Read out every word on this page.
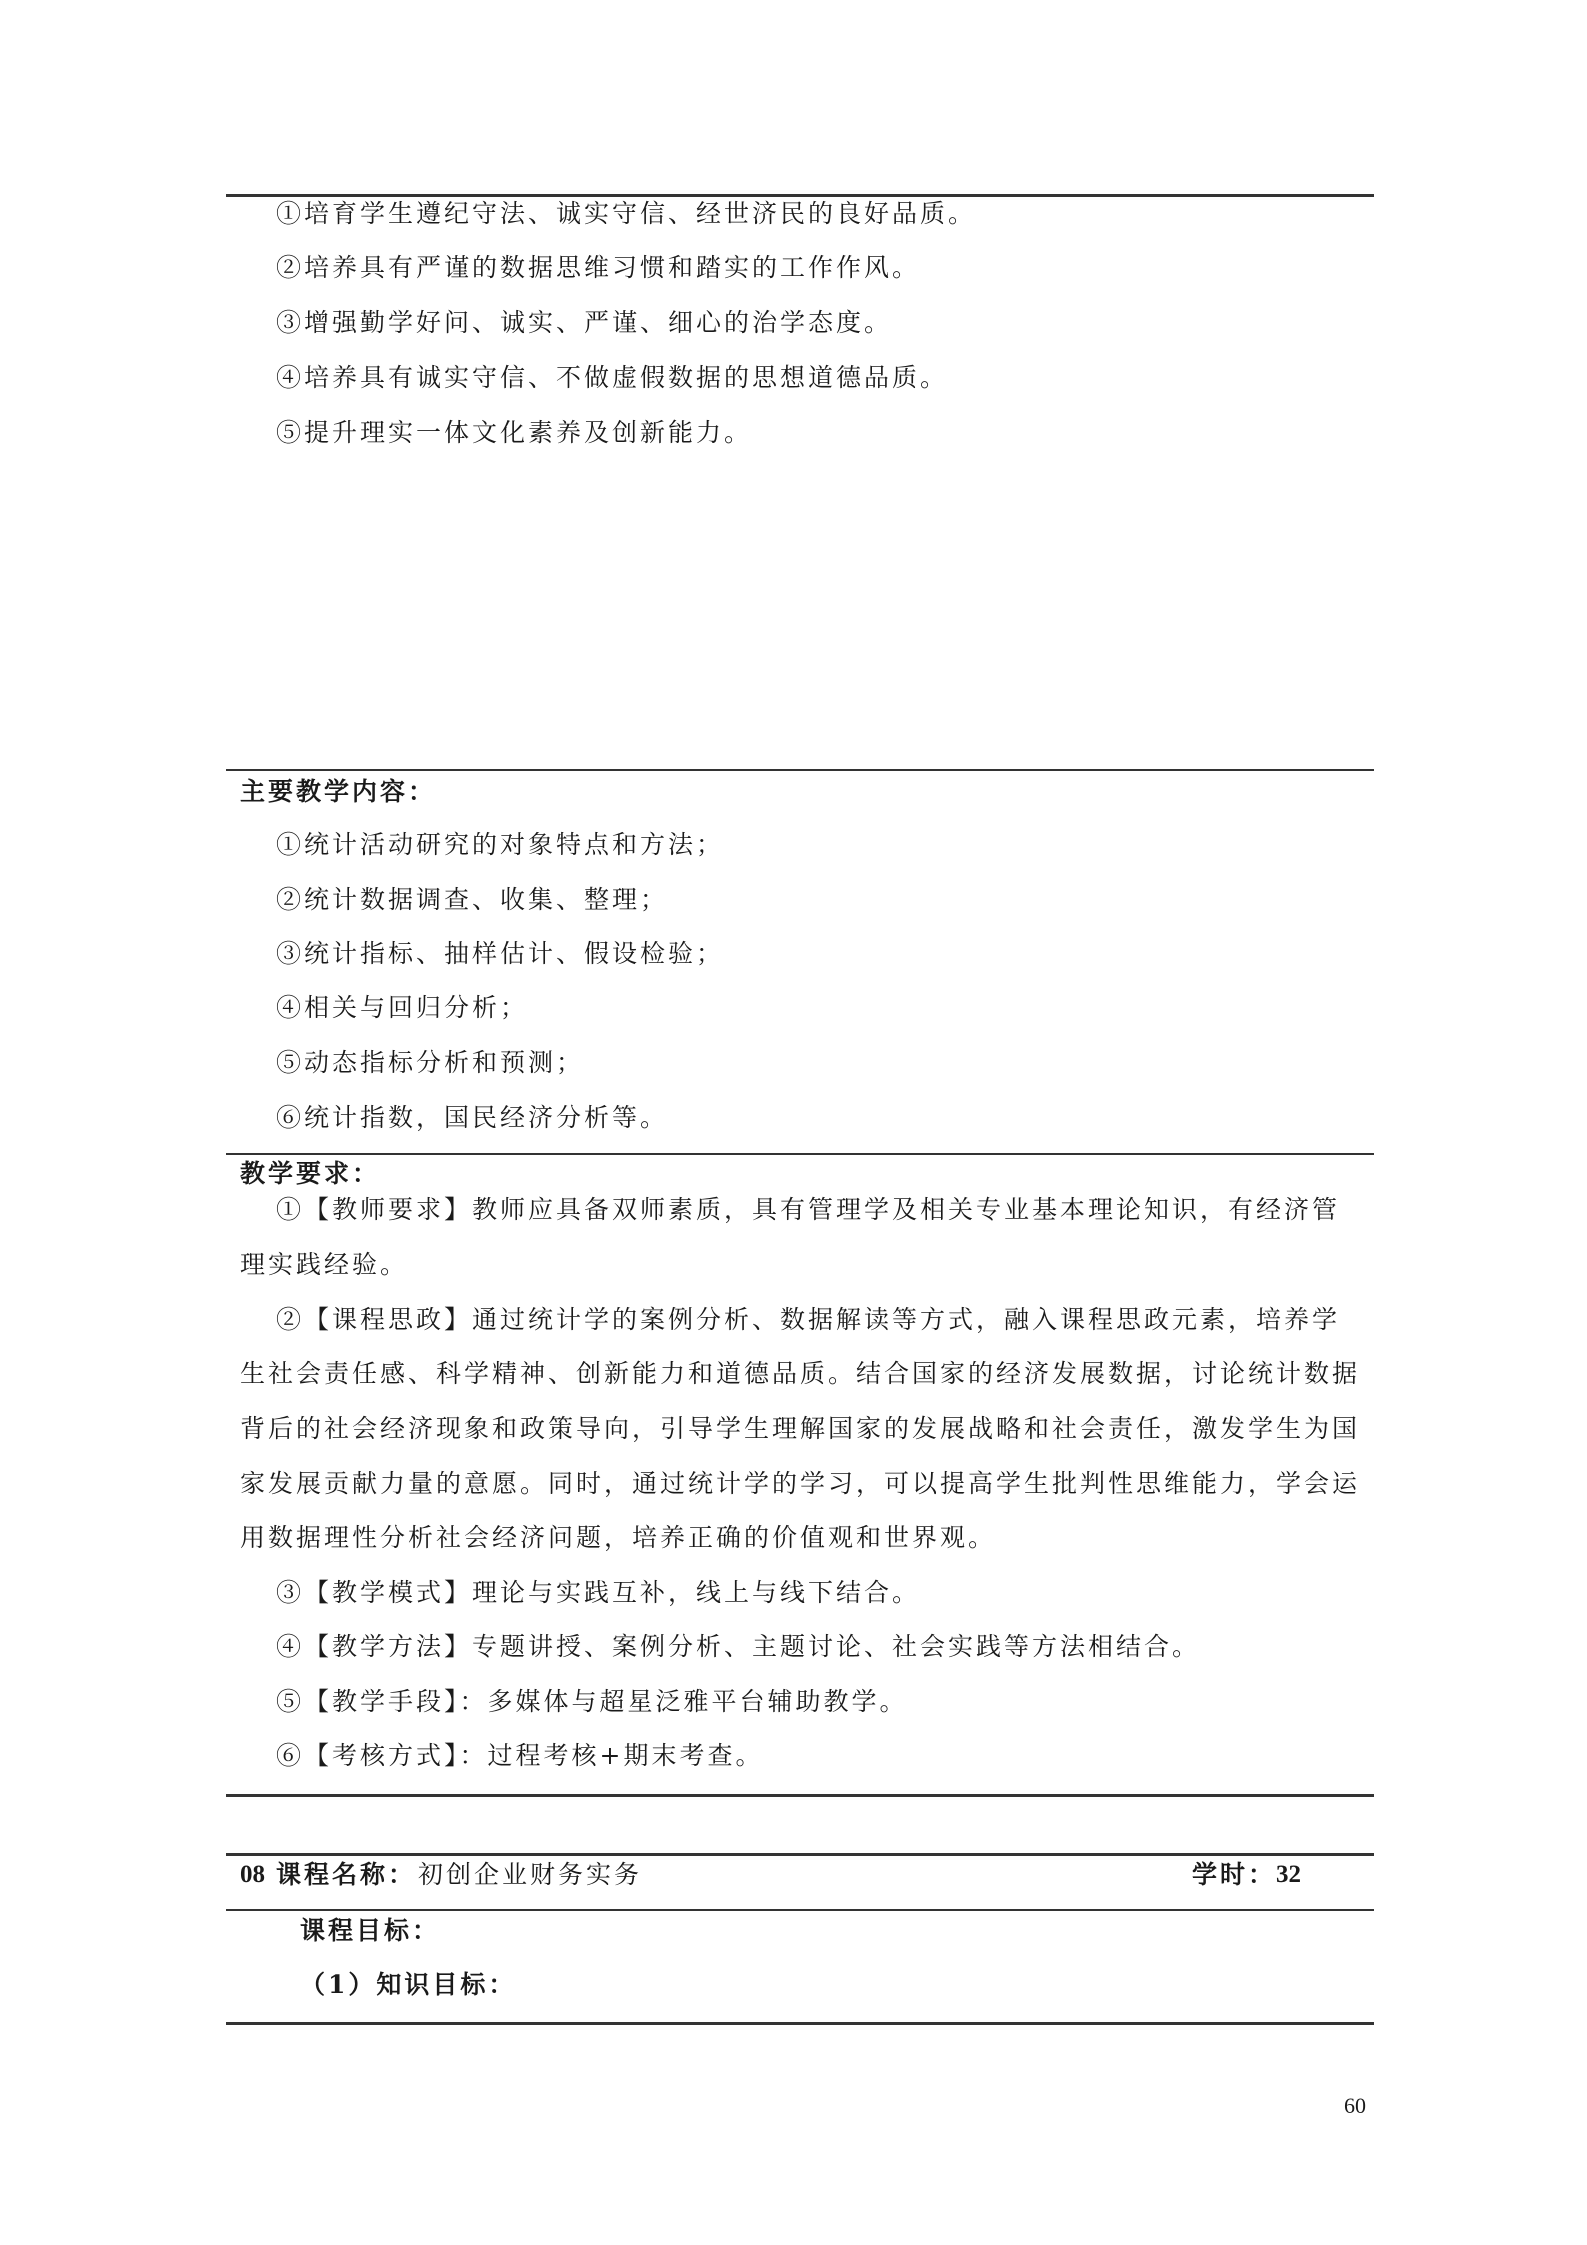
①培育学生遵纪守法、诚实守信、经世济民的良好品质。
②培养具有严谨的数据思维习惯和踏实的工作作风。
③增强勤学好问、诚实、严谨、细心的治学态度。
④培养具有诚实守信、不做虚假数据的思想道德品质。
⑤提升理实一体文化素养及创新能力。
主要教学内容：
①统计活动研究的对象特点和方法；
②统计数据调查、收集、整理；
③统计指标、抽样估计、假设检验；
④相关与回归分析；
⑤动态指标分析和预测；
⑥统计指数，国民经济分析等。
教学要求：
①【教师要求】教师应具备双师素质，具有管理学及相关专业基本理论知识，有经济管
理实践经验。
②【课程思政】通过统计学的案例分析、数据解读等方式，融入课程思政元素，培养学
生社会责任感、科学精神、创新能力和道德品质。结合国家的经济发展数据，讨论统计数据
背后的社会经济现象和政策导向，引导学生理解国家的发展战略和社会责任，激发学生为国
家发展贡献力量的意愿。同时，通过统计学的学习，可以提高学生批判性思维能力，学会运
用数据理性分析社会经济问题，培养正确的价值观和世界观。
③【教学模式】理论与实践互补，线上与线下结合。
④【教学方法】专题讲授、案例分析、主题讨论、社会实践等方法相结合。
⑤【教学手段】：多媒体与超星泛雅平台辅助教学。
⑥【考核方式】：过程考核+期末考查。
08 课程名称： 初创企业财务实务	学时： 32
课程目标：
（1）知识目标：
60
